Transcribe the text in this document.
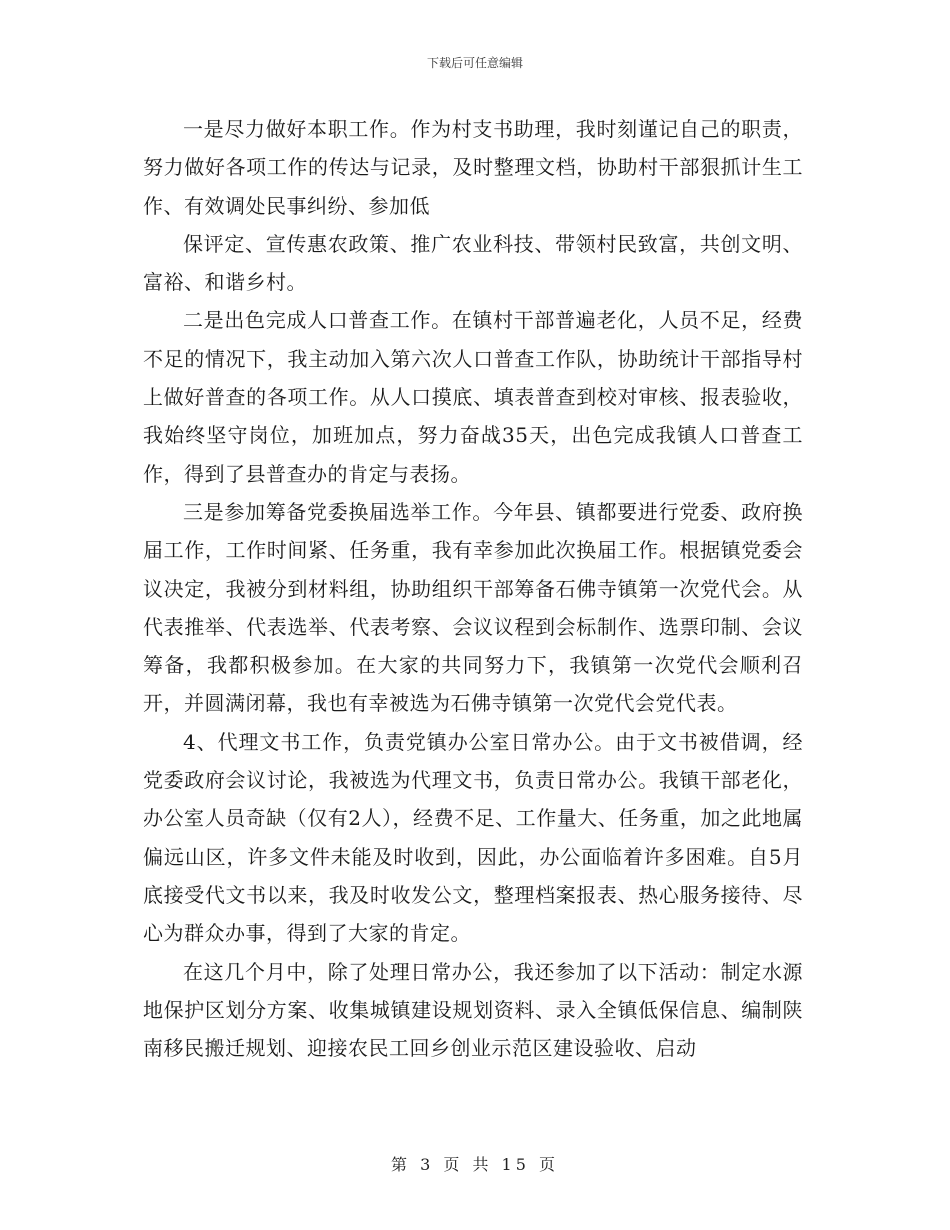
下载后可任意编辑

一是尽力做好本职工作。作为村支书助理，我时刻谨记自己的职责，努力做好各项工作的传达与记录，及时整理文档，协助村干部狠抓计生工作、有效调处民事纠纷、参加低

保评定、宣传惠农政策、推广农业科技、带领村民致富，共创文明、富裕、和谐乡村。

二是出色完成人口普查工作。在镇村干部普遍老化，人员不足，经费不足的情况下，我主动加入第六次人口普查工作队，协助统计干部指导村上做好普查的各项工作。从人口摸底、填表普查到校对审核、报表验收，我始终坚守岗位，加班加点，努力奋战35天，出色完成我镇人口普查工作，得到了县普查办的肯定与表扬。

三是参加筹备党委换届选举工作。今年县、镇都要进行党委、政府换届工作，工作时间紧、任务重，我有幸参加此次换届工作。根据镇党委会议决定，我被分到材料组，协助组织干部筹备石佛寺镇第一次党代会。从代表推举、代表选举、代表考察、会议议程到会标制作、选票印制、会议筹备，我都积极参加。在大家的共同努力下，我镇第一次党代会顺利召开，并圆满闭幕，我也有幸被选为石佛寺镇第一次党代会党代表。

4、代理文书工作，负责党镇办公室日常办公。由于文书被借调，经党委政府会议讨论，我被选为代理文书，负责日常办公。我镇干部老化，办公室人员奇缺（仅有2人），经费不足、工作量大、任务重，加之此地属偏远山区，许多文件未能及时收到，因此，办公面临着许多困难。自5月底接受代文书以来，我及时收发公文，整理档案报表、热心服务接待、尽心为群众办事，得到了大家的肯定。

在这几个月中，除了处理日常办公，我还参加了以下活动：制定水源地保护区划分方案、收集城镇建设规划资料、录入全镇低保信息、编制陕南移民搬迁规划、迎接农民工回乡创业示范区建设验收、启动

第 3 页 共 15 页
